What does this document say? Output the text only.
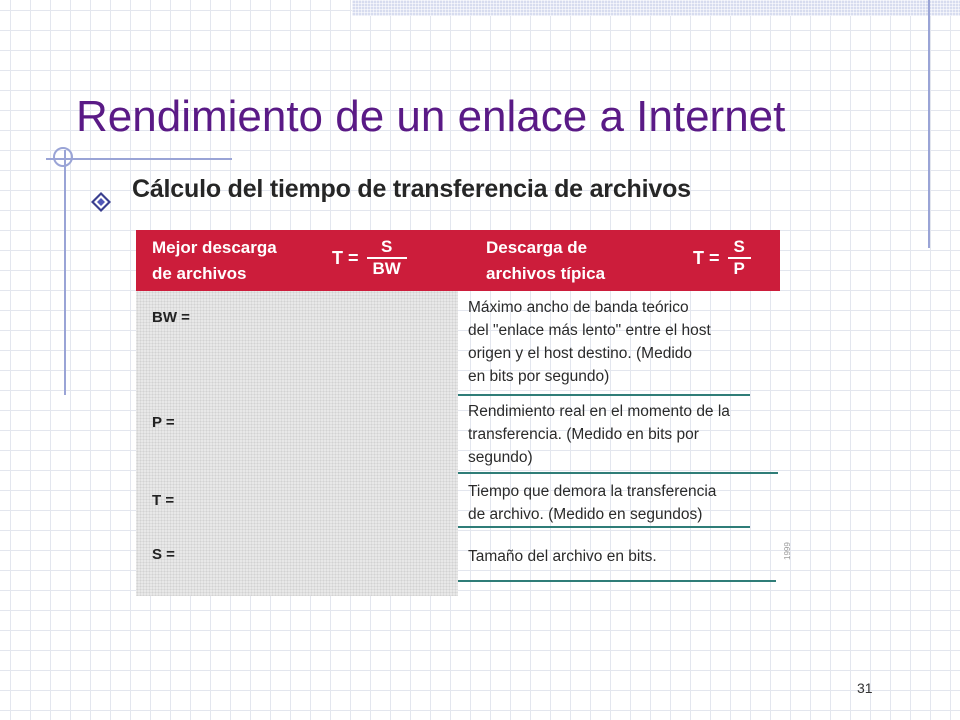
Rendimiento de un enlace a Internet

Cálculo del tiempo de transferencia de archivos

Mejor descarga
de archivos
$T = \frac{S}{BW}$	Descarga de
archivos típica
$T = \frac{S}{P}$
BW =
P =
T =
S =
Máximo ancho de banda teórico
del "enlace más lento" entre el host
origen y el host destino. (Medido
en bits por segundo)
Rendimiento real en el momento de la
transferencia. (Medido en bits por
segundo)
Tiempo que demora la transferencia
de archivo. (Medido en segundos)
Tamaño del archivo en bits.	1999
31
